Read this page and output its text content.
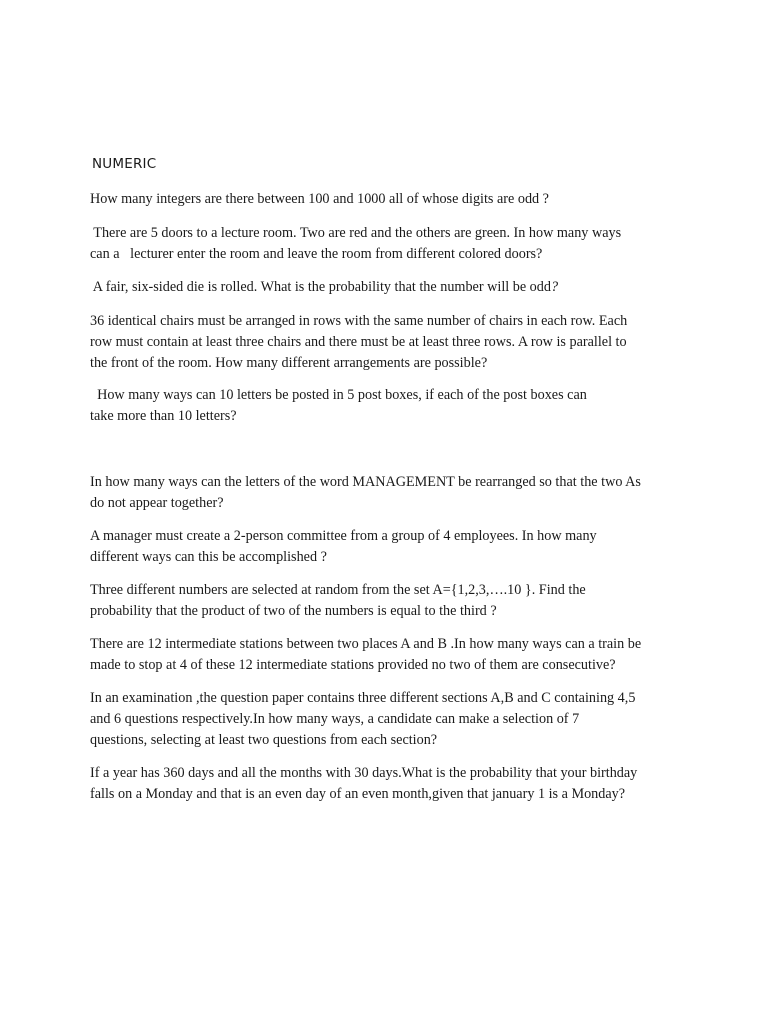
NUMERIC

How many integers are there between 100 and 1000 all of whose digits are odd ?

There are 5 doors to a lecture room. Two are red and the others are green. In how many ways
can a   lecturer enter the room and leave the room from different colored doors?

A fair, six-sided die is rolled. What is the probability that the number will be odd?

36 identical chairs must be arranged in rows with the same number of chairs in each row. Each
row must contain at least three chairs and there must be at least three rows. A row is parallel to
the front of the room. How many different arrangements are possible?

How many ways can 10 letters be posted in 5 post boxes, if each of the post boxes can
take more than 10 letters?

In how many ways can the letters of the word MANAGEMENT be rearranged so that the two As
do not appear together?

A manager must create a 2-person committee from a group of 4 employees. In how many
different ways can this be accomplished ?

Three different numbers are selected at random from the set A={1,2,3,….10 }. Find the
probability that the product of two of the numbers is equal to the third ?

There are 12 intermediate stations between two places A and B .In how many ways can a train be
made to stop at 4 of these 12 intermediate stations provided no two of them are consecutive?

In an examination ,the question paper contains three different sections A,B and C containing 4,5
and 6 questions respectively.In how many ways, a candidate can make a selection of 7
questions, selecting at least two questions from each section?

If a year has 360 days and all the months with 30 days.What is the probability that your birthday
falls on a Monday and that is an even day of an even month,given that january 1 is a Monday?
